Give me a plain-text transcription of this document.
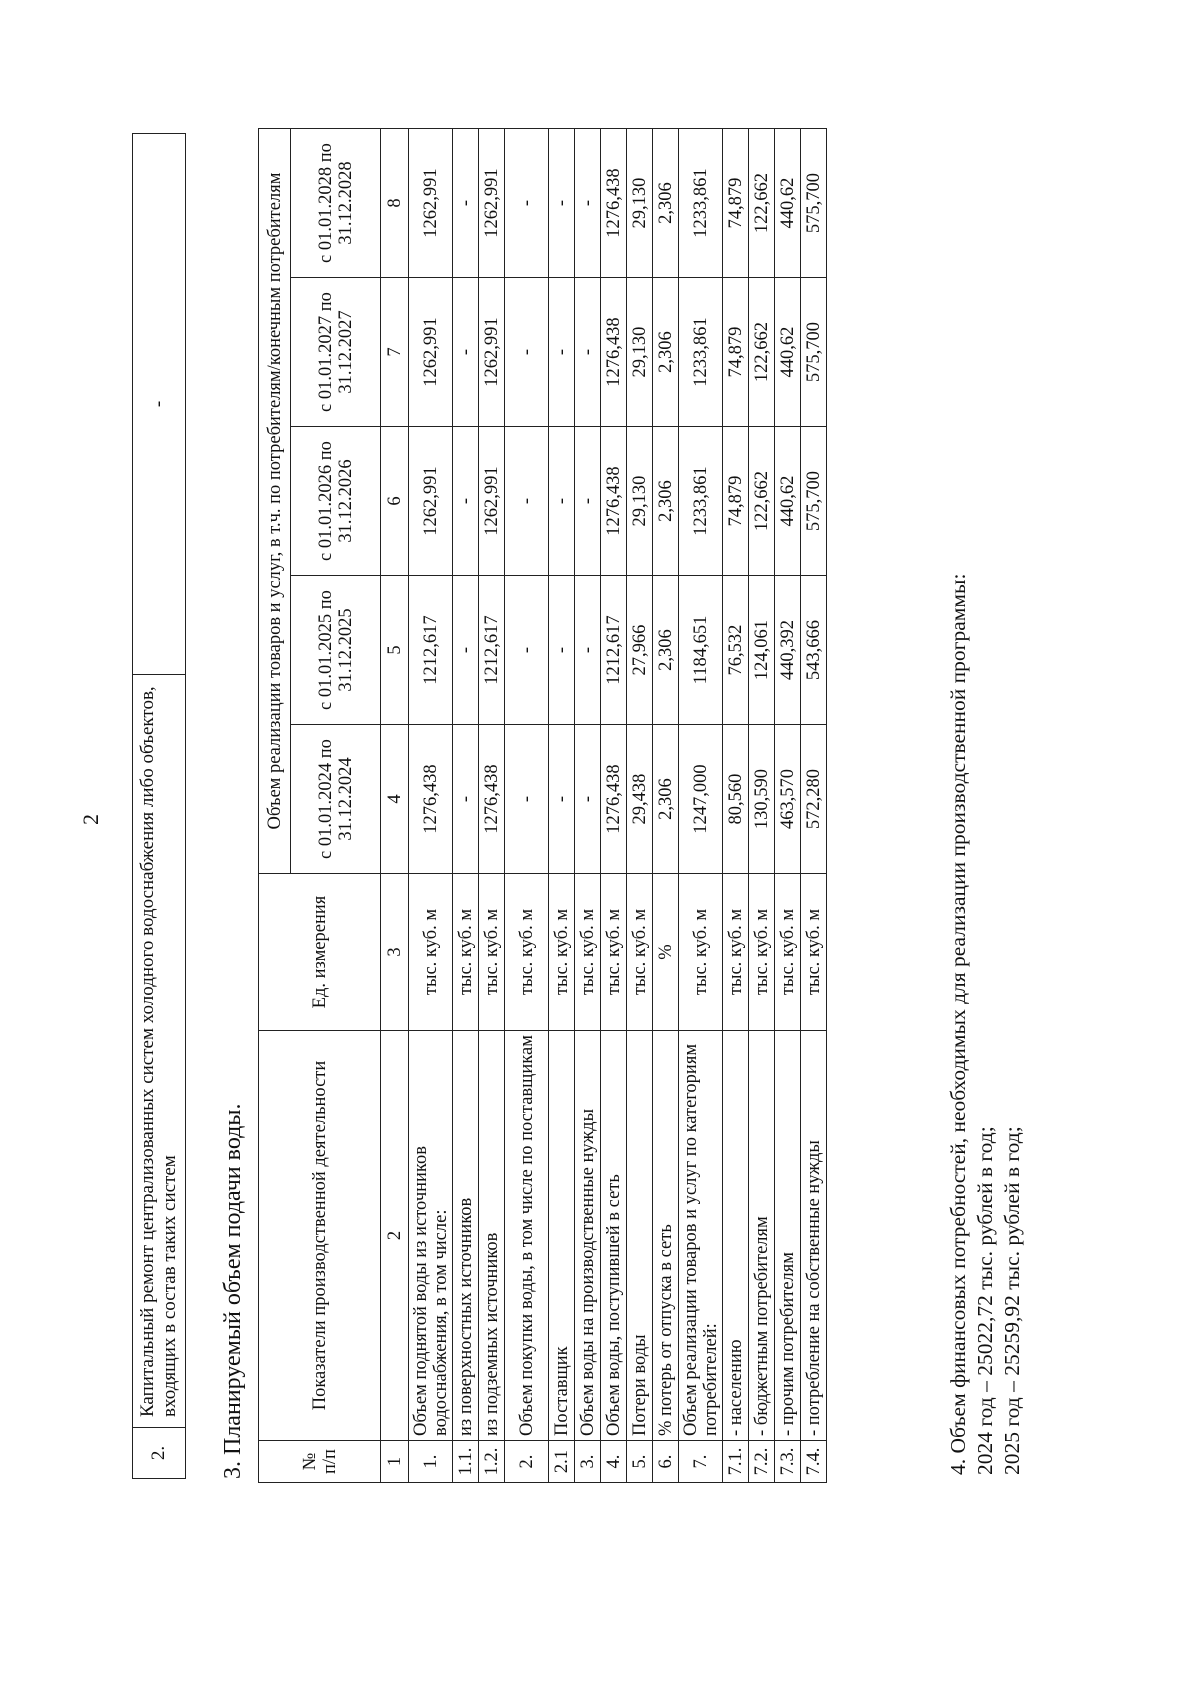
2
2.	Капитальный ремонт централизованных систем холодного водоснабжения либо объектов, входящих в состав таких систем	-
3. Планируемый объем подачи воды.	№ п/п	Показатели производственной деятельности	Ед. измерения	Объем реализации товаров и услуг, в т.ч. по потребителям/конечным потребителям				
			с 01.01.2024 по 31.12.2024	с 01.01.2025 по 31.12.2025	с 01.01.2026 по 31.12.2026	с 01.01.2027 по 31.12.2027	с 01.01.2028 по 31.12.2028
1	2	3	4	5	6	7	8
1.	Объем поднятой воды из источников водоснабжения, в том числе:	тыс. куб. м	1276,438	1212,617	1262,991	1262,991	1262,991
1.1.	из поверхностных источников	тыс. куб. м	-	-	-	-	-
1.2.	из подземных источников	тыс. куб. м	1276,438	1212,617	1262,991	1262,991	1262,991
2.	Объем покупки воды, в том числе по поставщикам	тыс. куб. м	-	-	-	-	-
2.1	Поставщик	тыс. куб. м	-	-	-	-	-
3.	Объем воды на производственные нужды	тыс. куб. м	-	-	-	-	-
4.	Объем воды, поступившей в сеть	тыс. куб. м	1276,438	1212,617	1276,438	1276,438	1276,438
5.	Потери воды	тыс. куб. м	29,438	27,966	29,130	29,130	29,130
6.	% потерь от отпуска в сеть	%	2,306	2,306	2,306	2,306	2,306
7.	Объем реализации товаров и услуг по категориям потребителей:	тыс. куб. м	1247,000	1184,651	1233,861	1233,861	1233,861
7.1.	- населению	тыс. куб. м	80,560	76,532	74,879	74,879	74,879
7.2.	- бюджетным потребителям	тыс. куб. м	130,590	124,061	122,662	122,662	122,662
7.3.	- прочим потребителям	тыс. куб. м	463,570	440,392	440,62	440,62	440,62
7.4.	- потребление на собственные нужды	тыс. куб. м	572,280	543,666	575,700	575,700	575,700
4. Объем финансовых потребностей, необходимых для реализации производственной программы: 2024 год – 25022,72 тыс. рублей в год; 2025 год – 25259,92 тыс. рублей в год;
